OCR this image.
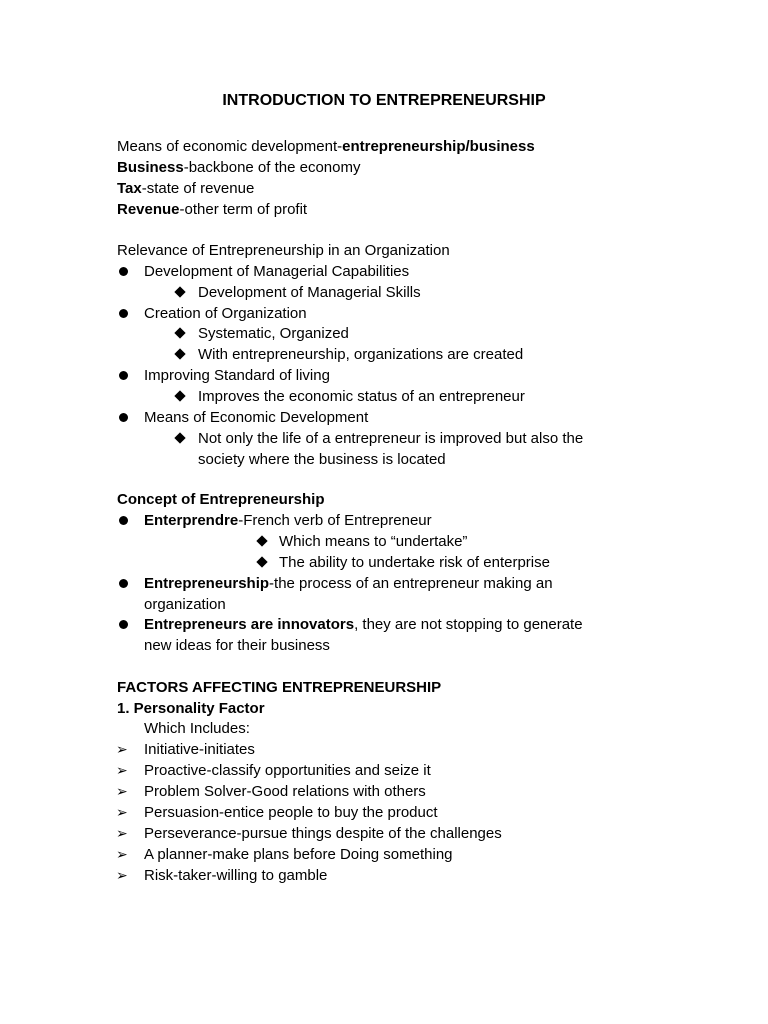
INTRODUCTION TO ENTREPRENEURSHIP
Means of economic development-entrepreneurship/business
Business-backbone of the economy
Tax-state of revenue
Revenue-other term of profit
Relevance of Entrepreneurship in an Organization
Development of Managerial Capabilities
Development of Managerial Skills
Creation of Organization
Systematic, Organized
With entrepreneurship, organizations are created
Improving Standard of living
Improves the economic status of an entrepreneur
Means of Economic Development
Not only the life of a entrepreneur is improved but also the
society where the business is located
Concept of Entrepreneurship
Enterprendre-French verb of Entrepreneur
Which means to “undertake”
The ability to undertake risk of enterprise
Entrepreneurship-the process of an entrepreneur making an
organization
Entrepreneurs are innovators, they are not stopping to generate
new ideas for their business
FACTORS AFFECTING ENTREPRENEURSHIP
1. Personality Factor
Which Includes:
➢ Initiative-initiates
➢ Proactive-classify opportunities and seize it
➢ Problem Solver-Good relations with others
➢ Persuasion-entice people to buy the product
➢ Perseverance-pursue things despite of the challenges
➢ A planner-make plans before Doing something
➢ Risk-taker-willing to gamble
